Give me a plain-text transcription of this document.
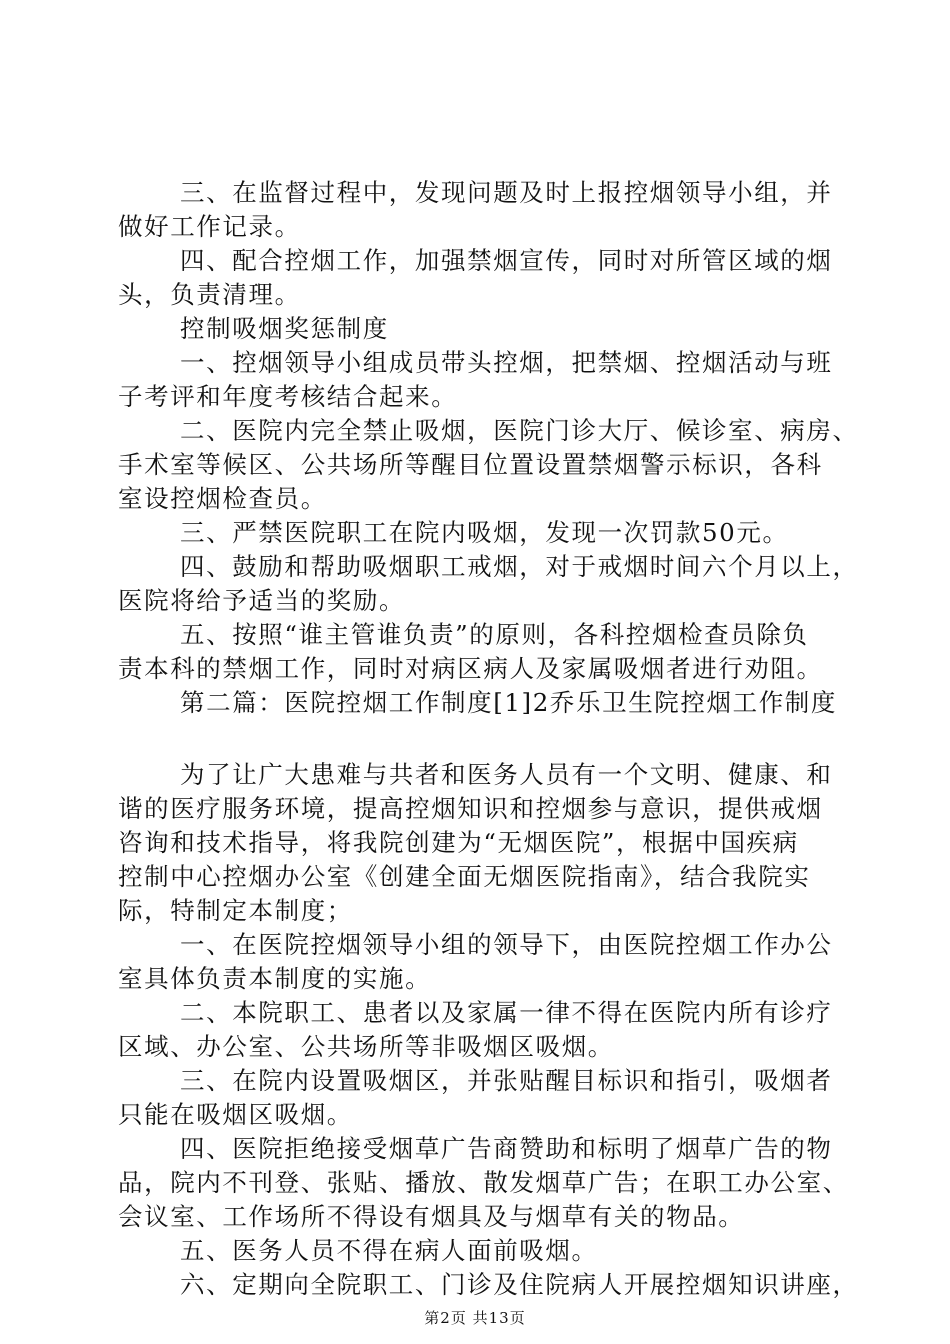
三、在监督过程中，发现问题及时上报控烟领导小组，并
做好工作记录。
四、配合控烟工作，加强禁烟宣传，同时对所管区域的烟
头，负责清理。
控制吸烟奖惩制度
一、控烟领导小组成员带头控烟，把禁烟、控烟活动与班
子考评和年度考核结合起来。
二、医院内完全禁止吸烟，医院门诊大厅、候诊室、病房、
手术室等候区、公共场所等醒目位置设置禁烟警示标识，各科
室设控烟检查员。
三、严禁医院职工在院内吸烟，发现一次罚款50元。
四、鼓励和帮助吸烟职工戒烟，对于戒烟时间六个月以上，
医院将给予适当的奖励。
五、按照“谁主管谁负责”的原则，各科控烟检查员除负
责本科的禁烟工作，同时对病区病人及家属吸烟者进行劝阻。
第二篇：医院控烟工作制度[1]2乔乐卫生院控烟工作制度
为了让广大患难与共者和医务人员有一个文明、健康、和
谐的医疗服务环境，提高控烟知识和控烟参与意识，提供戒烟
咨询和技术指导，将我院创建为“无烟医院”，根据中国疾病
控制中心控烟办公室《创建全面无烟医院指南》，结合我院实
际，特制定本制度；
一、在医院控烟领导小组的领导下，由医院控烟工作办公
室具体负责本制度的实施。
二、本院职工、患者以及家属一律不得在医院内所有诊疗
区域、办公室、公共场所等非吸烟区吸烟。
三、在院内设置吸烟区，并张贴醒目标识和指引，吸烟者
只能在吸烟区吸烟。
四、医院拒绝接受烟草广告商赞助和标明了烟草广告的物
品，院内不刊登、张贴、播放、散发烟草广告；在职工办公室、
会议室、工作场所不得设有烟具及与烟草有关的物品。
五、医务人员不得在病人面前吸烟。
六、定期向全院职工、门诊及住院病人开展控烟知识讲座，
第2页 共13页
